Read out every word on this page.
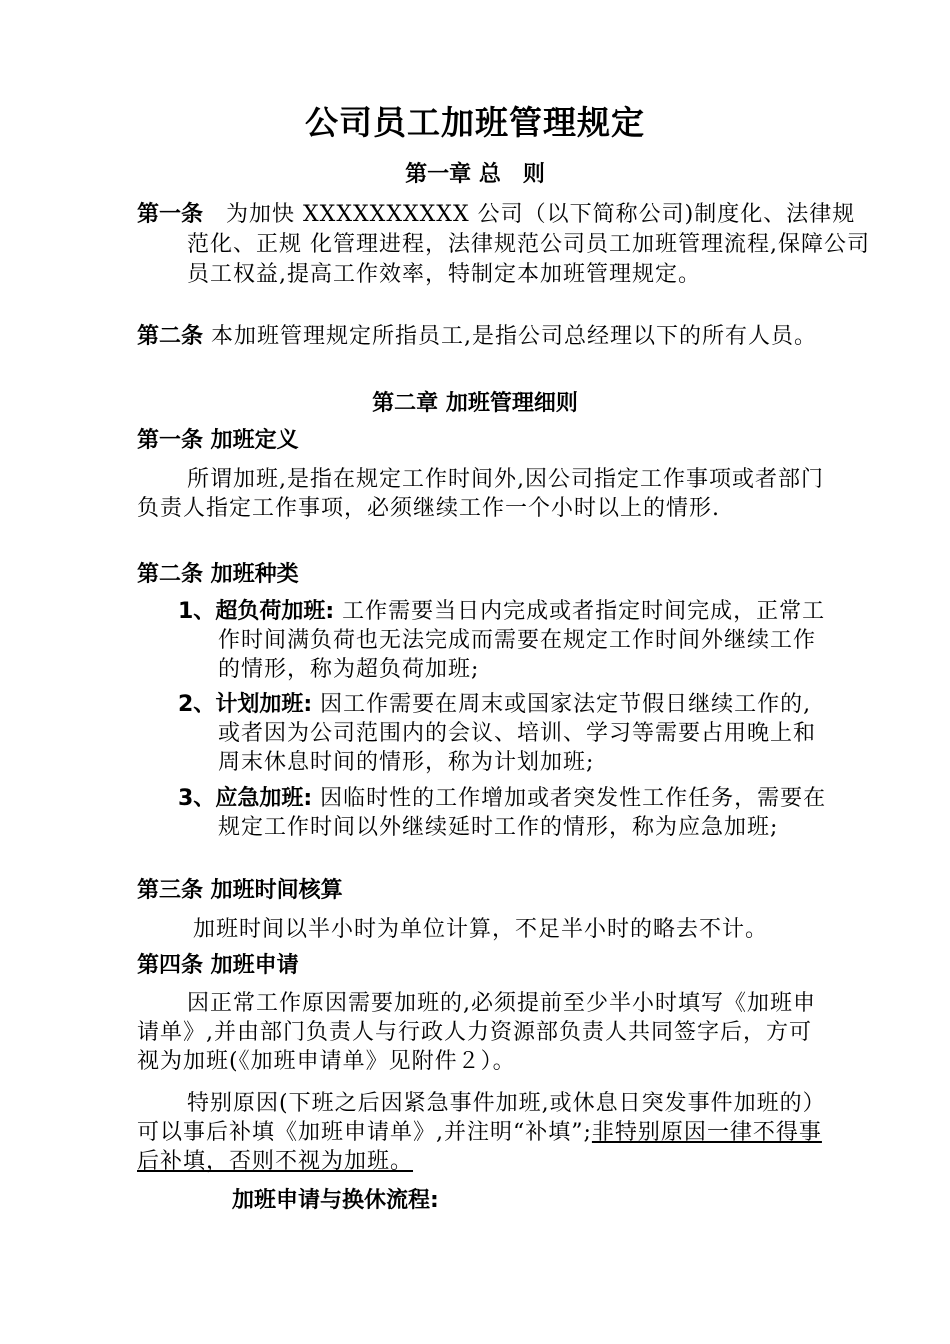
公司员工加班管理规定
第一章 总　则
第一条　为加快 XXXXXXXXXX 公司（以下简称公司)制度化、法律规范化、正规 化管理进程，法律规范公司员工加班管理流程,保障公司员工权益,提高工作效率，特制定本加班管理规定。
第二条 本加班管理规定所指员工,是指公司总经理以下的所有人员。
第二章 加班管理细则
第一条 加班定义
所谓加班,是指在规定工作时间外,因公司指定工作事项或者部门负责人指定工作事项，必须继续工作一个小时以上的情形.
第二条 加班种类
1、超负荷加班: 工作需要当日内完成或者指定时间完成，正常工作时间满负荷也无法完成而需要在规定工作时间外继续工作的情形，称为超负荷加班;
2、计划加班: 因工作需要在周末或国家法定节假日继续工作的,或者因为公司范围内的会议、培训、学习等需要占用晚上和周末休息时间的情形，称为计划加班;
3、应急加班: 因临时性的工作增加或者突发性工作任务，需要在规定工作时间以外继续延时工作的情形，称为应急加班;
第三条 加班时间核算
加班时间以半小时为单位计算，不足半小时的略去不计。
第四条 加班申请
因正常工作原因需要加班的,必须提前至少半小时填写《加班申请单》,并由部门负责人与行政人力资源部负责人共同签字后，方可视为加班(《加班申请单》见附件２）。
特别原因(下班之后因紧急事件加班,或休息日突发事件加班的）可以事后补填《加班申请单》,并注明“补填”;非特别原因一律不得事后补填，否则不视为加班。
加班申请与换休流程:
